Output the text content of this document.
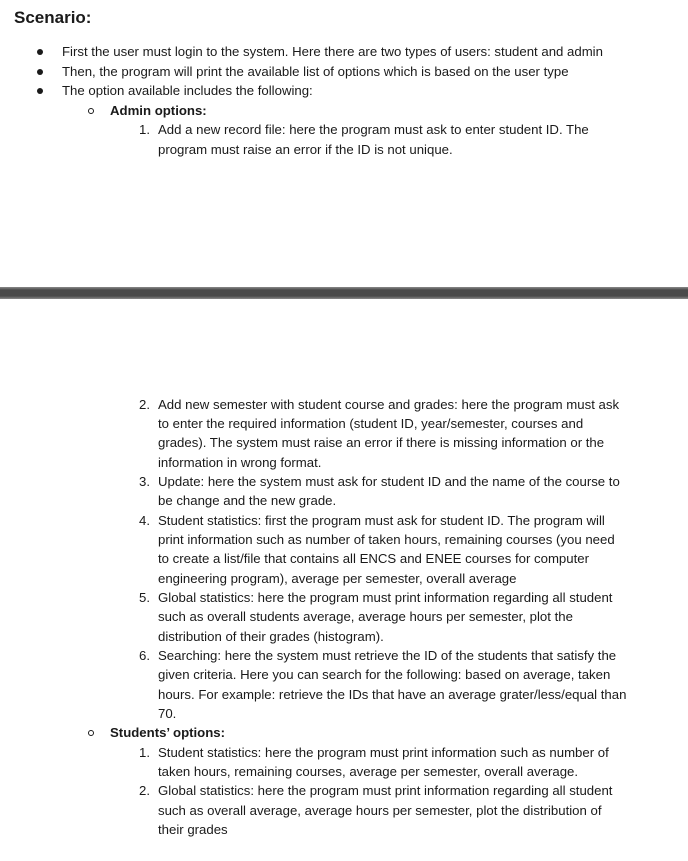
Scenario:
First the user must login to the system. Here there are two types of users: student and admin
Then, the program will print the available list of options which is based on the user type
The option available includes the following:
Admin options:
1. Add a new record file: here the program must ask to enter student ID. The
program must raise an error if the ID is not unique.
2. Add new semester with student course and grades: here the program must ask
to enter the required information (student ID, year/semester, courses and
grades). The system must raise an error if there is missing information or the
information in wrong format.
3. Update: here the system must ask for student ID and the name of the course to
be change and the new grade.
4. Student statistics: first the program must ask for student ID. The program will
print information such as number of taken hours, remaining courses (you need
to create a list/file that contains all ENCS and ENEE courses for computer
engineering program), average per semester, overall average
5. Global statistics: here the program must print information regarding all student
such as overall students average, average hours per semester, plot the
distribution of their grades (histogram).
6. Searching: here the system must retrieve the ID of the students that satisfy the
given criteria. Here you can search for the following: based on average, taken
hours. For example: retrieve the IDs that have an average grater/less/equal than
70.
Students’ options:
1. Student statistics: here the program must print information such as number of
taken hours, remaining courses, average per semester, overall average.
2. Global statistics: here the program must print information regarding all student
such as overall average, average hours per semester, plot the distribution of
their grades
